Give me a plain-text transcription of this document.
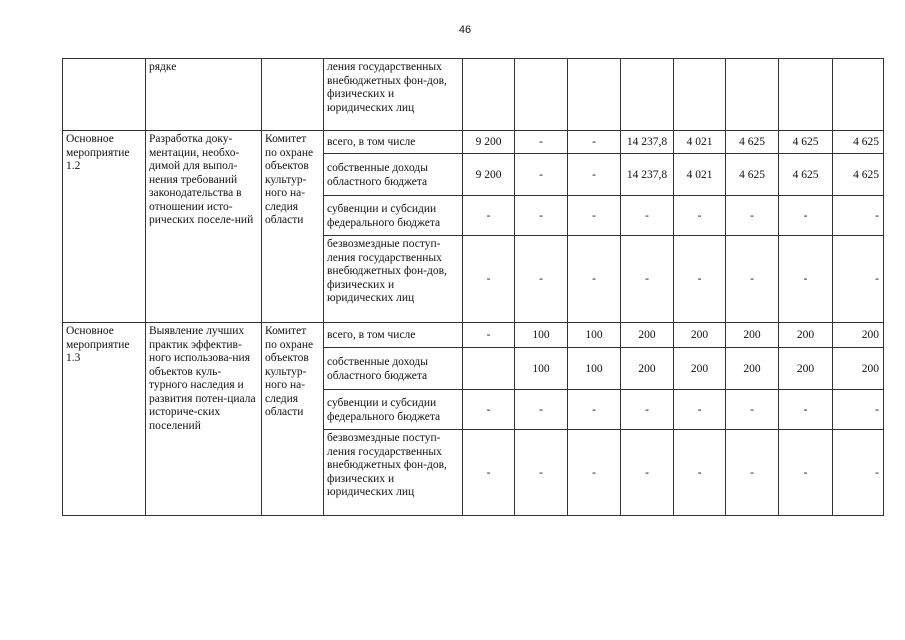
46
	рядке		ления государственных внебюджетных фон-дов, физических и юридических лиц								
Основное мероприятие 1.2	Разработка доку-ментации, необхо-димой для выпол-нения требований законодательства в отношении исто-рических поселе-ний	Комитет по охране объектов культур-ного на-следия области	всего, в том числе	9 200	-	-	14 237,8	4 021	4 625	4 625	4 625
			собственные доходы областного бюджета	9 200	-	-	14 237,8	4 021	4 625	4 625	4 625
			субвенции и субсидии федерального бюджета	-	-	-	-	-	-	-	-
			безвозмездные поступ-ления государственных внебюджетных фон-дов, физических и юридических лиц	-	-	-	-	-	-	-	-
Основное мероприятие 1.3	Выявление лучших практик эффектив-ного использова-ния объектов куль-турного наследия и развития потен-циала историче-ских поселений	Комитет по охране объектов культур-ного на-следия области	всего, в том числе	-	100	100	200	200	200	200	200
			собственные доходы областного бюджета		100	100	200	200	200	200	200
			субвенции и субсидии федерального бюджета	-	-	-	-	-	-	-	-
			безвозмездные поступ-ления государственных внебюджетных фон-дов, физических и юридических лиц	-	-	-	-	-	-	-	-
